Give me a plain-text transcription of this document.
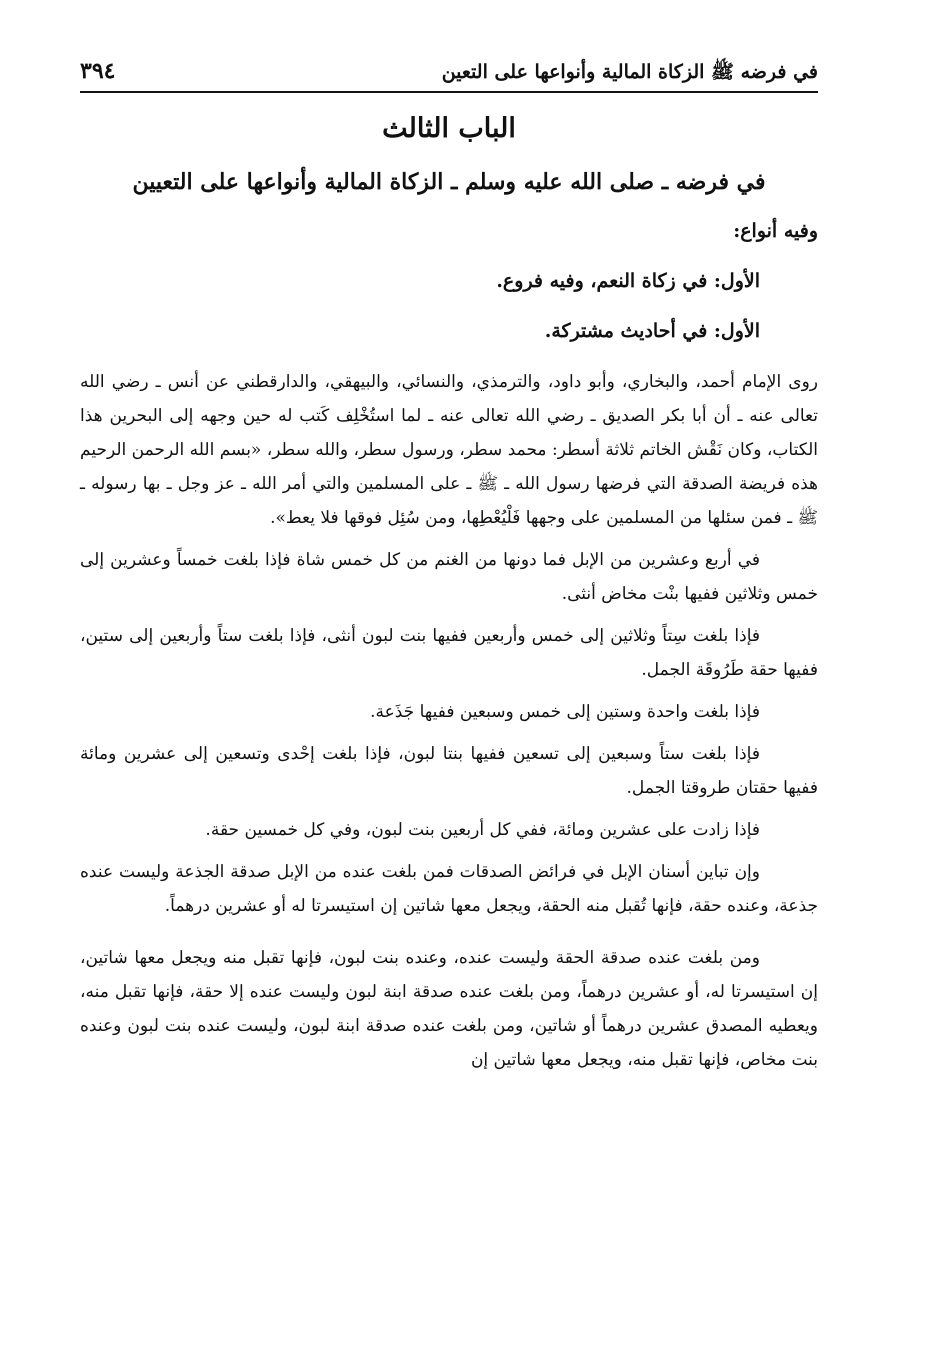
في فرضه ﷺ الزكاة المالية وأنواعها على التعين
٣٩٤
الباب الثالث
في فرضه ـ صلى الله عليه وسلم ـ الزكاة المالية وأنواعها على التعيين
وفيه أنواع:
الأول: في زكاة النعم، وفيه فروع.
الأول: في أحاديث مشتركة.

روى الإمام أحمد، والبخاري، وأبو داود، والترمذي، والنسائي، والبيهقي، والدارقطني عن أنس ـ رضي الله تعالى عنه ـ أن أبا بكر الصديق ـ رضي الله تعالى عنه ـ لما استُخْلِف كَتب له حين وجهه إلى البحرين هذا الكتاب، وكان نَقْش الخاتم ثلاثة أسطر: محمد سطر، ورسول سطر، والله سطر، «بسم الله الرحمن الرحيم هذه فريضة الصدقة التي فرضها رسول الله ـ ﷺ ـ على المسلمين والتي أمر الله ـ عز وجل ـ بها رسوله ـ ﷺ ـ فمن سئلها من المسلمين على وجهها فَلْيُعْطِها، ومن سُئِل فوقها فلا يعط».

في أربع وعشرين من الإبل فما دونها من الغنم من كل خمس شاة فإذا بلغت خمساً وعشرين إلى خمس وثلاثين ففيها بنْت مخاض أنثى.

فإذا بلغت سِتاً وثلاثين إلى خمس وأربعين ففيها بنت لبون أنثى، فإذا بلغت ستاً وأربعين إلى ستين، ففيها حقة طَرُوقَة الجمل.

فإذا بلغت واحدة وستين إلى خمس وسبعين ففيها جَذَعة.

فإذا بلغت ستاً وسبعين إلى تسعين ففيها بنتا لبون، فإذا بلغت إحْدى وتسعين إلى عشرين ومائة ففيها حقتان طروقتا الجمل.

فإذا زادت على عشرين ومائة، ففي كل أربعين بنت لبون، وفي كل خمسين حقة.

وإن تباين أسنان الإبل في فرائض الصدقات فمن بلغت عنده من الإبل صدقة الجذعة وليست عنده جذعة، وعنده حقة، فإنها تُقبل منه الحقة، ويجعل معها شاتين إن استيسرتا له أو عشرين درهماً.

ومن بلغت عنده صدقة الحقة وليست عنده، وعنده بنت لبون، فإنها تقبل منه ويجعل معها شاتين، إن استيسرتا له، أو عشرين درهماً، ومن بلغت عنده صدقة ابنة لبون وليست عنده إلا حقة، فإنها تقبل منه، ويعطيه المصدق عشرين درهماً أو شاتين، ومن بلغت عنده صدقة ابنة لبون، وليست عنده بنت لبون وعنده بنت مخاص، فإنها تقبل منه، ويجعل معها شاتين إن
